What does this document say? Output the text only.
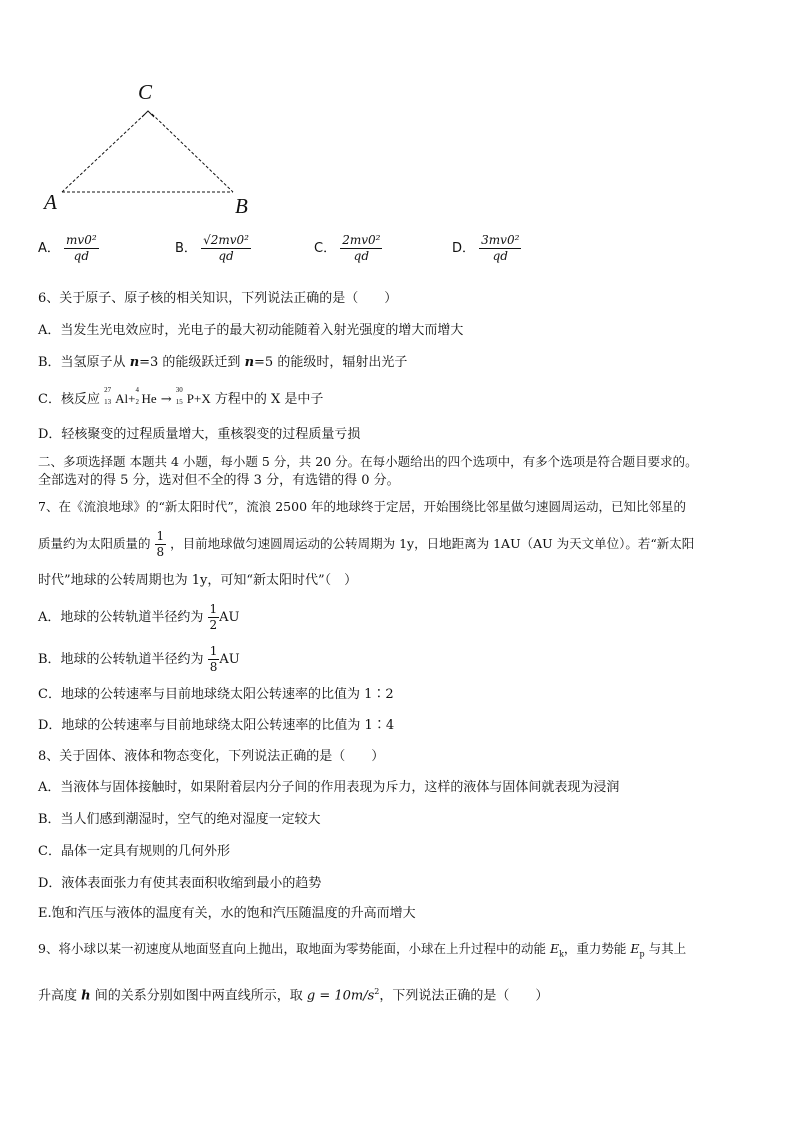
C
A	B
A． $\frac{\text{mv0²}}{qd}$	B． $\frac{\text{√2mv0²}}{qd}$	C． $\frac{\text{2mv0²}}{qd}$	D． $\frac{\text{3mv0²}}{qd}$
6、关于原子、原子核的相关知识，下列说法正确的是（　　）
A．当发生光电效应时，光电子的最大初动能随着入射光强度的增大而增大
B．当氢原子从 n=3 的能级跃迁到 n=5 的能级时，辐射出光子
C．核反应
27
13 Al+
4
2 He →
30
15 P+X 方程中的 X 是中子
D．轻核聚变的过程质量增大，重核裂变的过程质量亏损
二、多项选择题 本题共 4 小题，每小题 5 分，共 20 分。在每小题给出的四个选项中，有多个选项是符合题目要求的。
全部选对的得 5 分，选对但不全的得 3 分，有选错的得 0 分。
7、在《流浪地球》的“新太阳时代”，流浪 2500 年的地球终于定居，开始围绕比邻星做匀速圆周运动，已知比邻星的
质量约为太阳质量的 $\frac{1}{8}$ ，目前地球做匀速圆周运动的公转周期为 1y，日地距离为 1AU（AU 为天文单位）。若“新太阳
时代”地球的公转周期也为 1y，可知“新太阳时代”（　）
A．地球的公转轨道半径约为 $\frac{1}{2}$ AU
B．地球的公转轨道半径约为 $\frac{1}{8}$ AU
C．地球的公转速率与目前地球绕太阳公转速率的比值为 1∶2
D．地球的公转速率与目前地球绕太阳公转速率的比值为 1∶4
8、关于固体、液体和物态变化，下列说法正确的是（　　）
A．当液体与固体接触时，如果附着层内分子间的作用表现为斥力，这样的液体与固体间就表现为浸润
B．当人们感到潮湿时，空气的绝对湿度一定较大
C．晶体一定具有规则的几何外形
D．液体表面张力有使其表面积收缩到最小的趋势
E.饱和汽压与液体的温度有关，水的饱和汽压随温度的升高而增大
9、将小球以某一初速度从地面竖直向上抛出，取地面为零势能面，小球在上升过程中的动能 $E_k$，重力势能 $E_p$ 与其上
升高度 h 间的关系分别如图中两直线所示，取 $g = 10m/s^2$，下列说法正确的是（　　）
